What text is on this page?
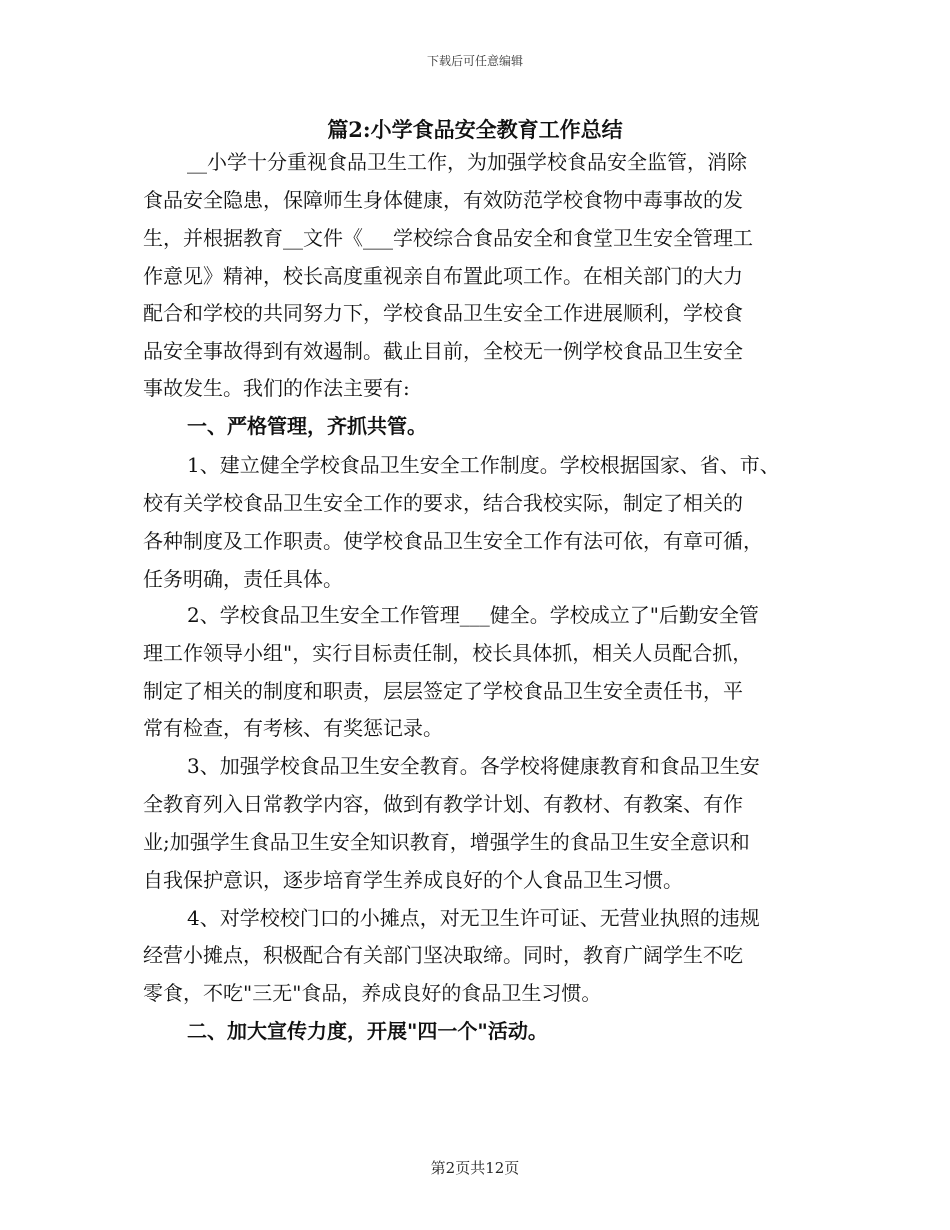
下载后可任意编辑
篇2:小学食品安全教育工作总结
__小学十分重视食品卫生工作，为加强学校食品安全监管，消除
食品安全隐患，保障师生身体健康，有效防范学校食物中毒事故的发
生，并根据教育__文件《___学校综合食品安全和食堂卫生安全管理工
作意见》精神，校长高度重视亲自布置此项工作。在相关部门的大力
配合和学校的共同努力下，学校食品卫生安全工作进展顺利，学校食
品安全事故得到有效遏制。截止目前，全校无一例学校食品卫生安全
事故发生。我们的作法主要有:
一、严格管理，齐抓共管。
1、建立健全学校食品卫生安全工作制度。学校根据国家、省、市、
校有关学校食品卫生安全工作的要求，结合我校实际，制定了相关的
各种制度及工作职责。使学校食品卫生安全工作有法可依，有章可循，
任务明确，责任具体。
2、学校食品卫生安全工作管理___健全。学校成立了"后勤安全管
理工作领导小组"，实行目标责任制，校长具体抓，相关人员配合抓，
制定了相关的制度和职责，层层签定了学校食品卫生安全责任书，平
常有检查，有考核、有奖惩记录。
3、加强学校食品卫生安全教育。各学校将健康教育和食品卫生安
全教育列入日常教学内容，做到有教学计划、有教材、有教案、有作
业;加强学生食品卫生安全知识教育，增强学生的食品卫生安全意识和
自我保护意识，逐步培育学生养成良好的个人食品卫生习惯。
4、对学校校门口的小摊点，对无卫生许可证、无营业执照的违规
经营小摊点，积极配合有关部门坚决取缔。同时，教育广阔学生不吃
零食，不吃"三无"食品，养成良好的食品卫生习惯。
二、加大宣传力度，开展"四一个"活动。
第2页共12页
